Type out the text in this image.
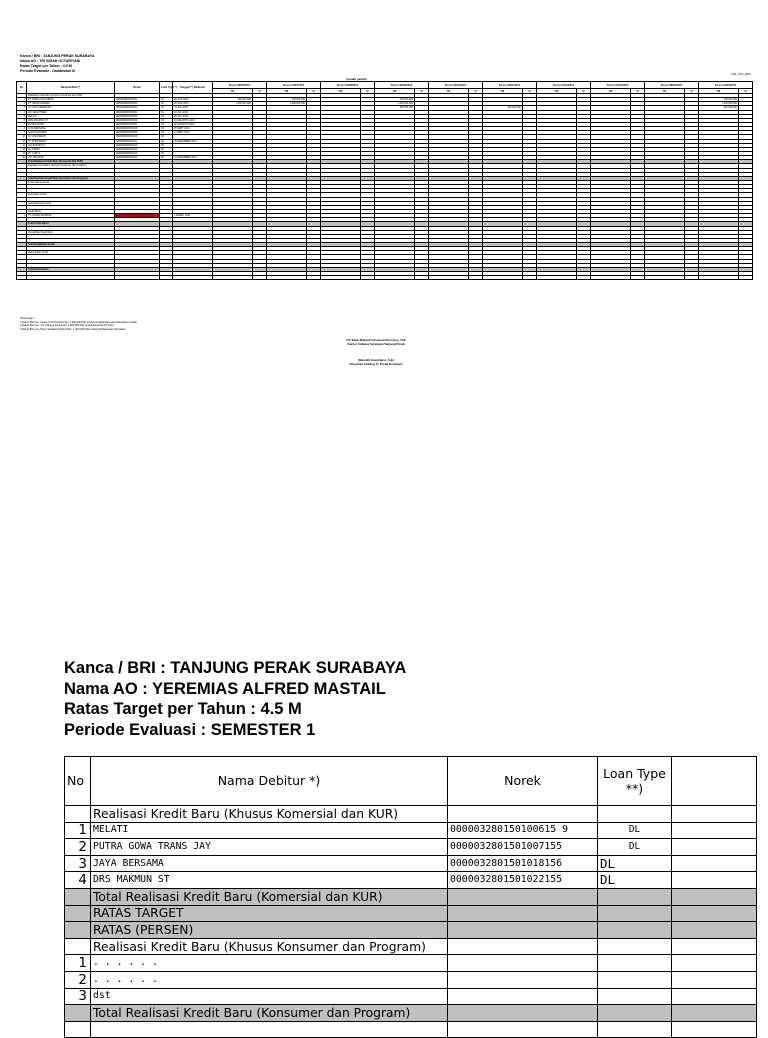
Kanca / BRI : TANJUNG PERAK SURABAYA
Nama AO : TRI INDAH OCTARIYANI
Ratas Target per Tahun : 4.5 M
Periode Evaluasi : Catatwulan III
(rupiah penuh)
001_T10_003
No	Nama Debitur *)	Norek	Loan Type **)	Tanggal **) Realisasi	Posisi 30/06/2014		Posisi 31/07/2014		Posisi 31/08/2014		Posisi 30/09/2014		Posisi 31/10/2014		Posisi 30/11/2014		Posisi 31/12/2014		Posisi 31/01/2015		Posisi 28/02/2015		Posisi 31/03/2015	
					OS	%	OS	%	OS	%	OS	%	OS	%	OS	%	OS	%	OS	%	OS	%	OS	%
	Realisasi Kredit Baru (Khusus Komersial dan KUR)																							
1	PT. PRIMA JAYA ABADI	0000032801501001	DL	28 JUNI 2014	750.000.000		750.000.000				750.000.000												750.000.000	
2	PT. SINAR TERANG	0000032801501002	DL	28 JUNI 2014	1.000.000.000		1.000.000.000				1.000.000.000												1.000.000.000	
3	CV. MAJU BERSAMA	0000032801501003	DL	15 JULI 2014							500.000.000				500.000.000								500.000.000	
4	UD. SEJAHTERA	0000032801501004	DL	15 JULI 2014																				
5	MELATI	0000032801501006	DL	20 JULI 2014																				
6	DRS MAKMUN ST	0000032801501022	DL	31 AGUSTUS 2014																				
7	PUTRA GOWA	0000032801501007	DL	30 AGUSTUS 2014																				
8	JAYA BERSAMA	0000032801501018	DL	05 SEPT 2014																				
9	KARYA MANDIRI	0000032801501009	DL	10 SEPT 2014																				
10	CV. ANUGERAH	0000032801501010	DL																					
11	PT. BUMI INDAH	0000032801501011	DL	05 DESEMBER 2014																				
12	UD. BAROKAH	0000032801501012	DL																					
13	CV. MITRA	0000032801501013	DL																					
14	PT. SURYA	0000032801501014	DL																					
15	UD. MAKMUR	0000032801501015	DL	31 DESEMBER 2014																				
	Total Realisasi Kredit Baru (Komersial dan KUR)																							
	Realisasi Kredit Baru (Khusus Konsumer dan Program)																							

	Total Realisasi Kredit Baru (Konsumer dan Program)																							
	Pertumbuhan Kredit																							

	Pelunasan Kredit																							

	Restrukturisasi Kredit																							

	Kredit Macet																							
1	PT. GRAHA MANDIRI			5 MARET 2014																				

	Total Kredit Macet																							

	Pengalihan Kredit Baru																							

	Total Pengalihan Kredit																							

	Pemindahan Kredit																							

	Total Pemindahan																							

Keterangan :
1 Rekor Baru an. Lucas Yudy Prayoko Rp. 1.200.000.000 usaha perdagangan alat (Pelunasan Kredit)
2 Rekor Baru an. CV. Cahaya Karina Rp. 1.000.000.000 usaha konveksi (Ulurnal)
3 Rekor Baru an. Niscy Sarahtera Rahmil Rp. 1.000.000.000 usaha Perdagangan Sembako
PT. Bank Rakyat Indonesia (Persero), Tbk
Kantor Cabang Surabaya Tanjung Perak
(Masidhi Gunaharto, S.E)
Pimpinan Cabang Tj. Perak Surabaya
Kanca / BRI : TANJUNG PERAK SURABAYA
Nama AO : YEREMIAS ALFRED MASTAIL
Ratas Target per Tahun : 4.5 M
Periode Evaluasi : SEMESTER 1
No	Nama Debitur *)	Norek	Loan Type **)	
	Realisasi Kredit Baru (Khusus Komersial dan KUR)			
1	MELATI	000003280150100615 9	DL	
2	PUTRA GOWA TRANS JAY	0000032801501007155	DL	
3	JAYA BERSAMA	0000032801501018156	DL	
4	DRS MAKMUN ST	0000032801501022155	DL	
	Total Realisasi Kredit Baru (Komersial dan KUR)			
	RATAS TARGET			
	RATAS (PERSEN)			
	Realisasi Kredit Baru (Khusus Konsumer dan Program)			
1	. . . . . .			
2	. . . . . .			
3	dst			
	Total Realisasi Kredit Baru (Konsumer dan Program)			
